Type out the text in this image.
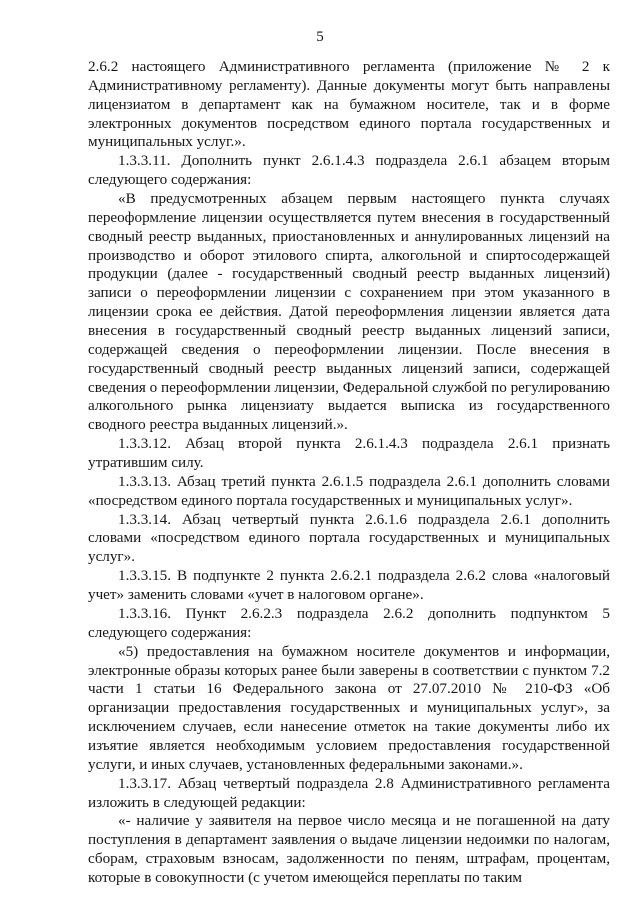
5

2.6.2 настоящего Административного регламента (приложение № 2 к Административному регламенту). Данные документы могут быть направлены лицензиатом в департамент как на бумажном носителе, так и в форме электронных документов посредством единого портала государственных и муниципальных услуг.».

1.3.3.11. Дополнить пункт 2.6.1.4.3 подраздела 2.6.1 абзацем вторым следующего содержания:

«В предусмотренных абзацем первым настоящего пункта случаях переоформление лицензии осуществляется путем внесения в государственный сводный реестр выданных, приостановленных и аннулированных лицензий на производство и оборот этилового спирта, алкогольной и спиртосодержащей продукции (далее - государственный сводный реестр выданных лицензий) записи о переоформлении лицензии с сохранением при этом указанного в лицензии срока ее действия. Датой переоформления лицензии является дата внесения в государственный сводный реестр выданных лицензий записи, содержащей сведения о переоформлении лицензии. После внесения в государственный сводный реестр выданных лицензий записи, содержащей сведения о переоформлении лицензии, Федеральной службой по регулированию алкогольного рынка лицензиату выдается выписка из государственного сводного реестра выданных лицензий.».

1.3.3.12. Абзац второй пункта 2.6.1.4.3 подраздела 2.6.1 признать утратившим силу.

1.3.3.13. Абзац третий пункта 2.6.1.5 подраздела 2.6.1 дополнить словами «посредством единого портала государственных и муниципальных услуг».

1.3.3.14. Абзац четвертый пункта 2.6.1.6 подраздела 2.6.1 дополнить словами «посредством единого портала государственных и муниципальных услуг».

1.3.3.15. В подпункте 2 пункта 2.6.2.1 подраздела 2.6.2 слова «налоговый учет» заменить словами «учет в налоговом органе».

1.3.3.16. Пункт 2.6.2.3 подраздела 2.6.2 дополнить подпунктом 5 следующего содержания:

«5) предоставления на бумажном носителе документов и информации, электронные образы которых ранее были заверены в соответствии с пунктом 7.2 части 1 статьи 16 Федерального закона от 27.07.2010 № 210-ФЗ «Об организации предоставления государственных и муниципальных услуг», за исключением случаев, если нанесение отметок на такие документы либо их изъятие является необходимым условием предоставления государственной услуги, и иных случаев, установленных федеральными законами.».

1.3.3.17. Абзац четвертый подраздела 2.8 Административного регламента изложить в следующей редакции:

«- наличие у заявителя на первое число месяца и не погашенной на дату поступления в департамент заявления о выдаче лицензии недоимки по налогам, сборам, страховым взносам, задолженности по пеням, штрафам, процентам, которые в совокупности (с учетом имеющейся переплаты по таким
